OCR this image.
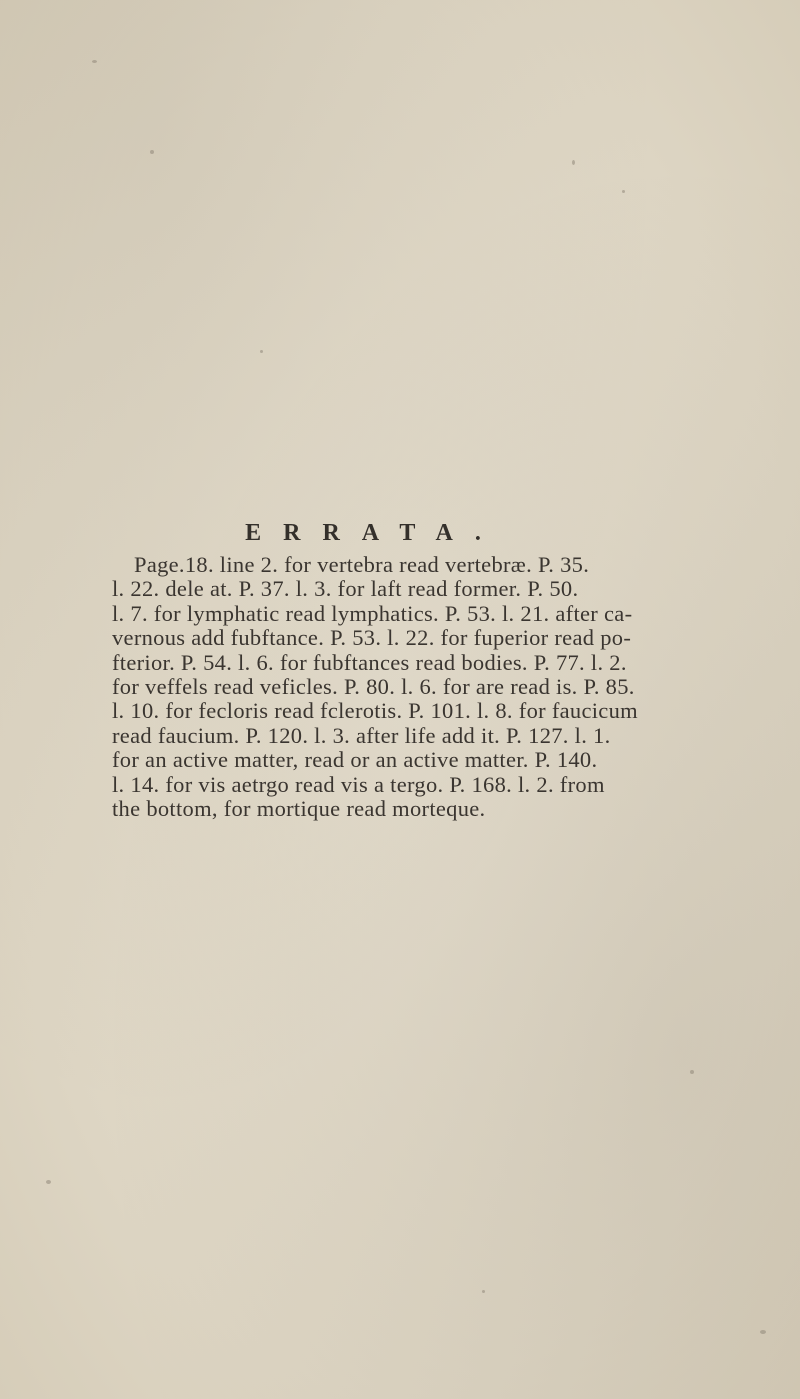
ERRATA.

Page.18. line 2. for vertebra read vertebræ. P. 35.
l. 22. dele at. P. 37. l. 3. for laft read former. P. 50.
l. 7. for lymphatic read lymphatics. P. 53. l. 21. after ca-
vernous add fubftance. P. 53. l. 22. for fuperior read po-
fterior. P. 54. l. 6. for fubftances read bodies. P. 77. l. 2.
for veffels read veficles. P. 80. l. 6. for are read is. P. 85.
l. 10. for fecloris read fclerotis. P. 101. l. 8. for faucicum
read faucium. P. 120. l. 3. after life add it. P. 127. l. 1.
for an active matter, read or an active matter. P. 140.
l. 14. for vis aetrgo read vis a tergo. P. 168. l. 2. from
the bottom, for mortique read morteque.
